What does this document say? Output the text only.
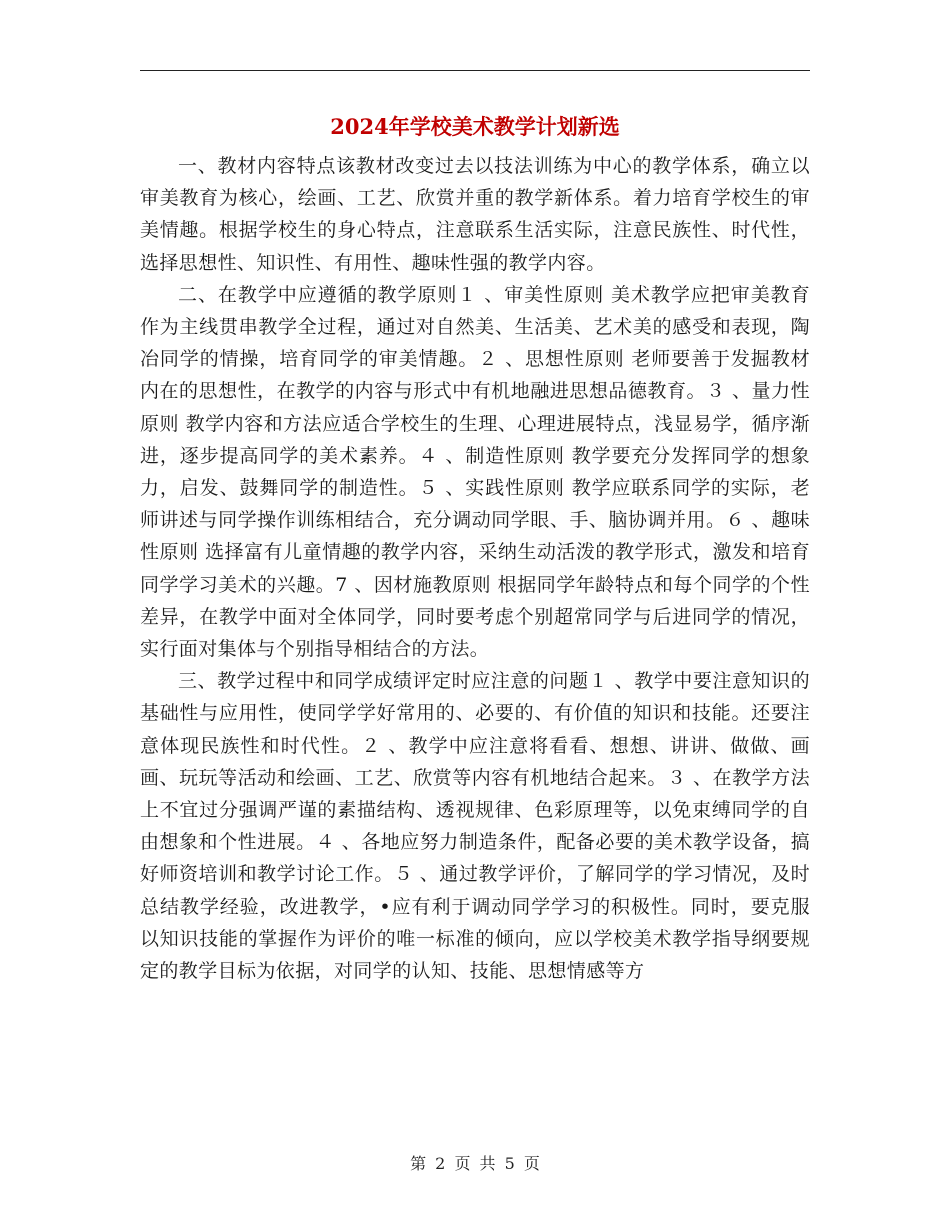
2024年学校美术教学计划新选

一、教材内容特点该教材改变过去以技法训练为中心的教学体系，确立以审美教育为核心，绘画、工艺、欣赏并重的教学新体系。着力培育学校生的审美情趣。根据学校生的身心特点，注意联系生活实际，注意民族性、时代性，选择思想性、知识性、有用性、趣味性强的教学内容。

二、在教学中应遵循的教学原则１ 、审美性原则 美术教学应把审美教育作为主线贯串教学全过程，通过对自然美、生活美、艺术美的感受和表现，陶冶同学的情操，培育同学的审美情趣。２ 、思想性原则 老师要善于发掘教材内在的思想性，在教学的内容与形式中有机地融进思想品德教育。３ 、量力性原则 教学内容和方法应适合学校生的生理、心理进展特点，浅显易学，循序渐进，逐步提高同学的美术素养。４ 、制造性原则 教学要充分发挥同学的想象力，启发、鼓舞同学的制造性。５ 、实践性原则 教学应联系同学的实际，老师讲述与同学操作训练相结合，充分调动同学眼、手、脑协调并用。６ 、趣味性原则 选择富有儿童情趣的教学内容，采纳生动活泼的教学形式，激发和培育同学学习美术的兴趣。7 、因材施教原则 根据同学年龄特点和每个同学的个性差异，在教学中面对全体同学，同时要考虑个别超常同学与后进同学的情况，实行面对集体与个别指导相结合的方法。

三、教学过程中和同学成绩评定时应注意的问题１ 、教学中要注意知识的基础性与应用性，使同学学好常用的、必要的、有价值的知识和技能。还要注意体现民族性和时代性。２ 、教学中应注意将看看、想想、讲讲、做做、画画、玩玩等活动和绘画、工艺、欣赏等内容有机地结合起来。３ 、在教学方法上不宜过分强调严谨的素描结构、透视规律、色彩原理等，以免束缚同学的自由想象和个性进展。４ 、各地应努力制造条件，配备必要的美术教学设备，搞好师资培训和教学讨论工作。５ 、通过教学评价，了解同学的学习情况，及时总结教学经验，改进教学，•应有利于调动同学学习的积极性。同时，要克服以知识技能的掌握作为评价的唯一标准的倾向，应以学校美术教学指导纲要规定的教学目标为依据，对同学的认知、技能、思想情感等方

第 2 页 共 5 页
